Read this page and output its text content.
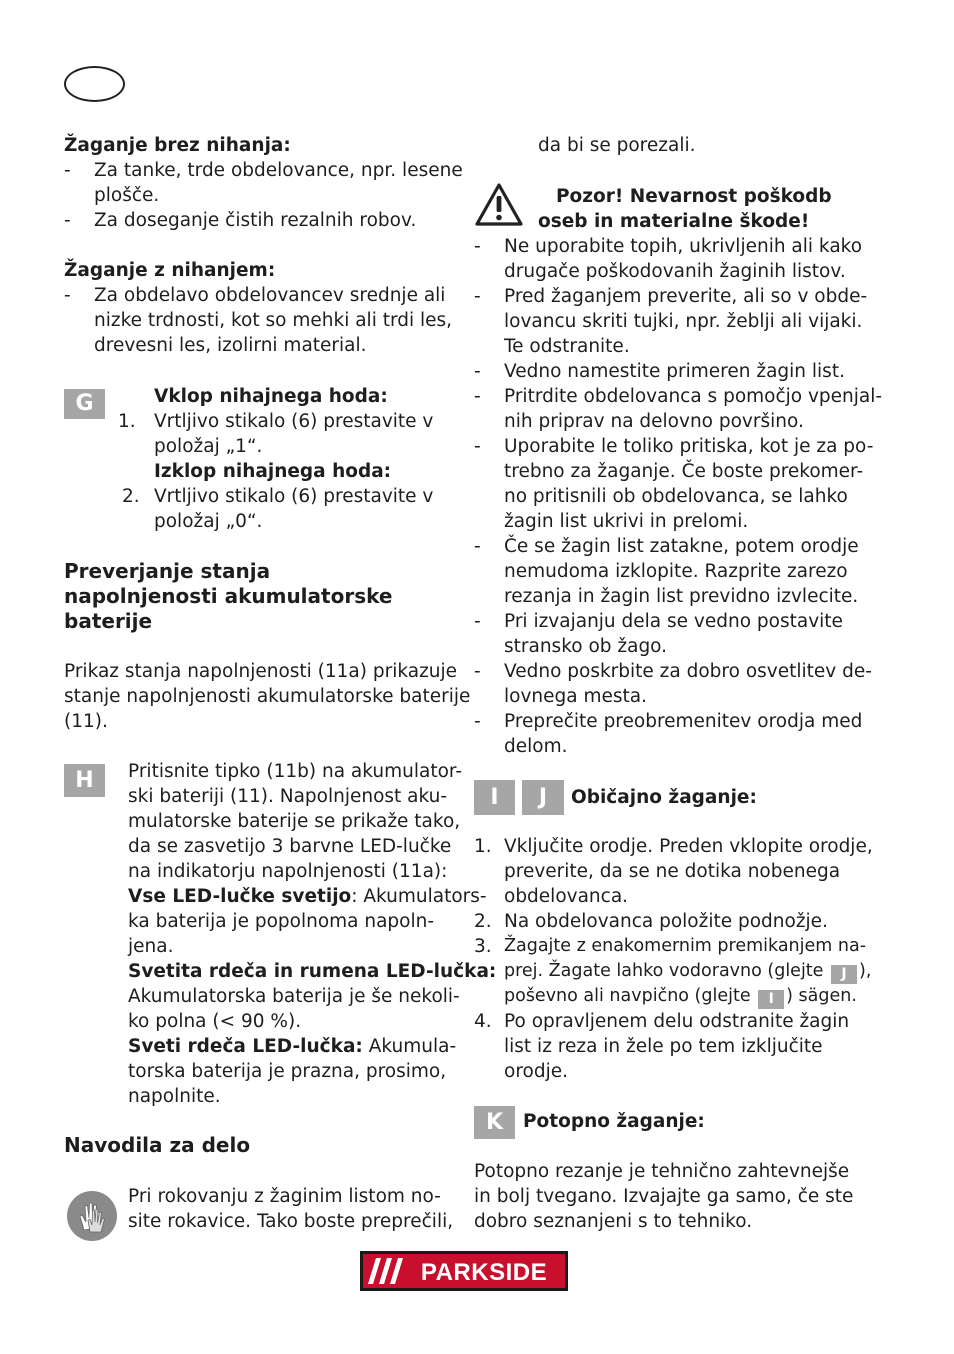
Žaganje brez nihanja:
- Za tanke, trde obdelovance, npr. lesene
plošče.
- Za doseganje čistih rezalnih robov.
Žaganje z nihanjem:
- Za obdelavo obdelovancev srednje ali
nizke trdnosti, kot so mehki ali trdi les,
drevesni les, izolirni material.
G	Vklop nihajnega hoda:
1. Vrtljivo stikalo (6) prestavite v
položaj „1“.
Izklop nihajnega hoda:
2. Vrtljivo stikalo (6) prestavite v
položaj „0“.
Preverjanje stanja
napolnjenosti akumulatorske
baterije
Prikaz stanja napolnjenosti (11a) prikazuje
stanje napolnjenosti akumulatorske baterije
(11).
H	Pritisnite tipko (11b) na akumulator-
ski bateriji (11). Napolnjenost aku-
mulatorske baterije se prikaže tako,
da se zasvetijo 3 barvne LED-lučke
na indikatorju napolnjenosti (11a):
Vse LED-lučke svetijo: Akumulators-
ka baterija je popolnoma napoln-
jena.
Svetita rdeča in rumena LED-lučka:
Akumulatorska baterija je še nekoli-
ko polna (< 90 %).
Sveti rdeča LED-lučka: Akumula-
torska baterija je prazna, prosimo,
napolnite.
Navodila za delo
Pri rokovanju z žaginim listom no-
site rokavice. Tako boste preprečili,
da bi se porezali.
Pozor! Nevarnost poškodb
oseb in materialne škode!
- Ne uporabite topih, ukrivljenih ali kako
drugače poškodovanih žaginih listov.
- Pred žaganjem preverite, ali so v obde-
lovancu skriti tujki, npr. žeblji ali vijaki.
Te odstranite.
- Vedno namestite primeren žagin list.
- Pritrdite obdelovanca s pomočjo vpenjal-
nih priprav na delovno površino.
- Uporabite le toliko pritiska, kot je za po-
trebno za žaganje. Če boste prekomer-
no pritisnili ob obdelovanca, se lahko
žagin list ukrivi in prelomi.
- Če se žagin list zatakne, potem orodje
nemudoma izklopite. Razprite zarezo
rezanja in žagin list previdno izvlecite.
- Pri izvajanju dela se vedno postavite
stransko ob žago.
- Vedno poskrbite za dobro osvetlitev de-
lovnega mesta.
- Preprečite preobremenitev orodja med
delom.
I	J	Običajno žaganje:
1. Vključite orodje. Preden vklopite orodje,
preverite, da se ne dotika nobenega
obdelovanca.
2. Na obdelovanca položite podnožje.
3. Žagajte z enakomernim premikanjem na-
prej. Žagate lahko vodoravno (glejte J ),
poševno ali navpično (glejte I ) sägen.
4. Po opravljenem delu odstranite žagin
list iz reza in žele po tem izključite
orodje.
K	Potopno žaganje:
Potopno rezanje je tehnično zahtevnejše
in bolj tvegano. Izvajajte ga samo, če ste
dobro seznanjeni s to tehniko.
PARKSIDE
